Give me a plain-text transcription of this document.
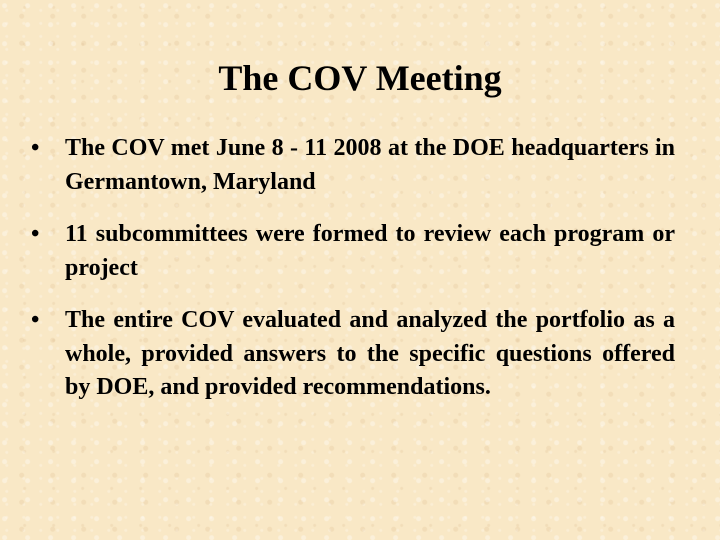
The COV Meeting
•	The COV met June 8 - 11 2008 at the DOE headquarters in Germantown, Maryland
•	11 subcommittees were formed to review each program or project
•	The entire COV evaluated and analyzed the portfolio as a whole, provided answers to the specific questions offered by DOE, and provided recommendations.
